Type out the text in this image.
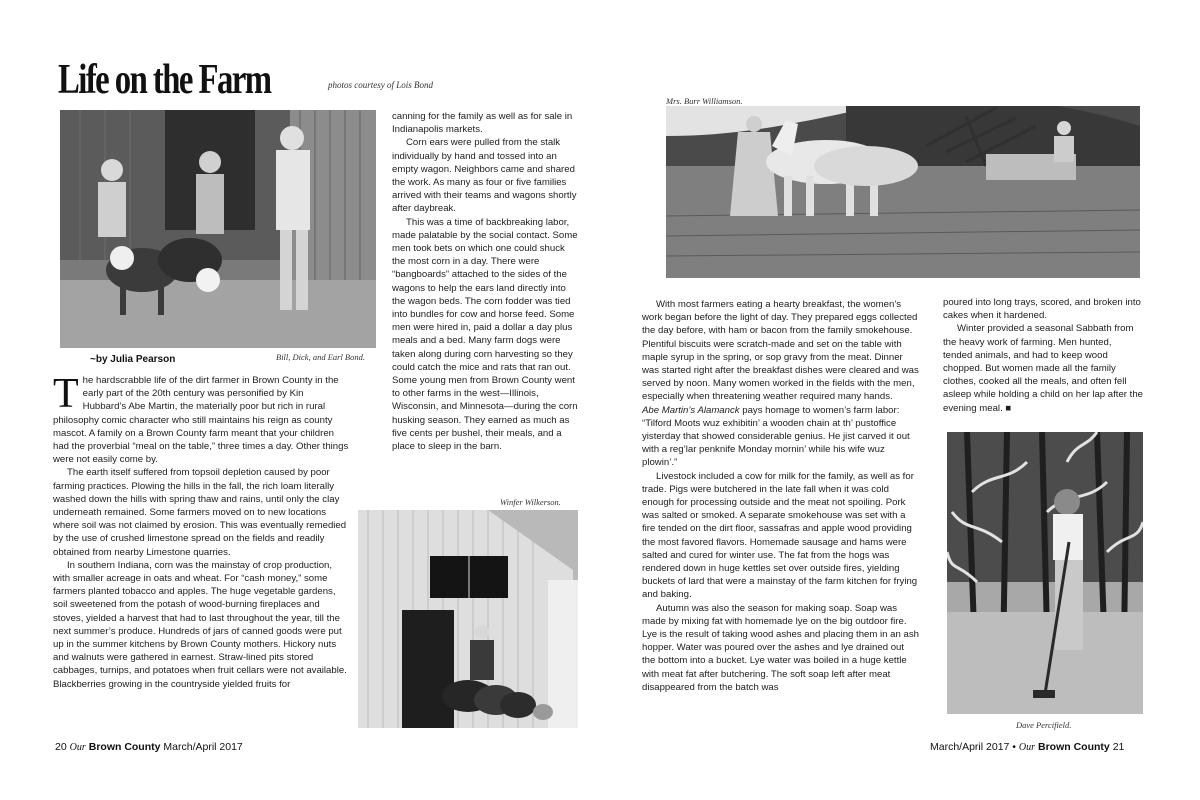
Life on the Farm	photos courtesy of Lois Bond
Bill, Dick, and Earl Bond.
~by Julia Pearson

The hardscrabble life of the dirt farmer in Brown County in the early part of the 20th century was personified by Kin Hubbard’s Abe Martin, the materially poor but rich in rural philosophy comic character who still maintains his reign as county mascot. A family on a Brown County farm meant that your children had the proverbial “meal on the table,” three times a day. Other things were not easily come by.

The earth itself suffered from topsoil depletion caused by poor farming practices. Plowing the hills in the fall, the rich loam literally washed down the hills with spring thaw and rains, until only the clay underneath remained. Some farmers moved on to new locations where soil was not claimed by erosion. This was eventually remedied by the use of crushed limestone spread on the fields and readily obtained from nearby Limestone quarries.

In southern Indiana, corn was the mainstay of crop production, with smaller acreage in oats and wheat. For “cash money,” some farmers planted tobacco and apples. The huge vegetable gardens, soil sweetened from the potash of wood-burning fireplaces and stoves, yielded a harvest that had to last throughout the year, till the next summer’s produce. Hundreds of jars of canned goods were put up in the summer kitchens by Brown County mothers. Hickory nuts and walnuts were gathered in earnest. Straw-lined pits stored cabbages, turnips, and potatoes when fruit cellars were not available. Blackberries growing in the countryside yielded fruits for

canning for the family as well as for sale in Indianapolis markets.

Corn ears were pulled from the stalk individually by hand and tossed into an empty wagon. Neighbors came and shared the work. As many as four or five families arrived with their teams and wagons shortly after daybreak.

This was a time of backbreaking labor, made palatable by the social contact. Some men took bets on which one could shuck the most corn in a day. There were “bangboards” attached to the sides of the wagons to help the ears land directly into the wagon beds. The corn fodder was tied into bundles for cow and horse feed. Some men were hired in, paid a dollar a day plus meals and a bed. Many farm dogs were taken along during corn harvesting so they could catch the mice and rats that ran out. Some young men from Brown County went to other farms in the west—Illinois, Wisconsin, and Minnesota—during the corn husking season. They earned as much as five cents per bushel, their meals, and a place to sleep in the barn.

Winfer Wilkerson.
Mrs. Burr Williamson.

With most farmers eating a hearty breakfast, the women’s work began before the light of day. They prepared eggs collected the day before, with ham or bacon from the family smokehouse. Plentiful biscuits were scratch-made and set on the table with maple syrup in the spring, or sop gravy from the meat. Dinner was started right after the breakfast dishes were cleared and was served by noon. Many women worked in the fields with the men, especially when threatening weather required many hands.

Abe Martin’s Alamanck pays homage to women’s farm labor: “Tilford Moots wuz exhibitin’ a wooden chain at th’ pustoffice yisterday that showed considerable genius. He jist carved it out with a reg’lar penknife Monday mornin’ while his wife wuz plowin’.”

Livestock included a cow for milk for the family, as well as for trade. Pigs were butchered in the late fall when it was cold enough for processing outside and the meat not spoiling. Pork was salted or smoked. A separate smokehouse was set with a fire tended on the dirt floor, sassafras and apple wood providing the most favored flavors. Homemade sausage and hams were salted and cured for winter use. The fat from the hogs was rendered down in huge kettles set over outside fires, yielding buckets of lard that were a mainstay of the farm kitchen for frying and baking.

Autumn was also the season for making soap. Soap was made by mixing fat with homemade lye on the big outdoor fire. Lye is the result of taking wood ashes and placing them in an ash hopper. Water was poured over the ashes and lye drained out the bottom into a bucket. Lye water was boiled in a huge kettle with meat fat after butchering. The soft soap left after meat disappeared from the batch was

poured into long trays, scored, and broken into cakes when it hardened.

Winter provided a seasonal Sabbath from the heavy work of farming. Men hunted, tended animals, and had to keep wood chopped. But women made all the family clothes, cooked all the meals, and often fell asleep while holding a child on her lap after the evening meal. ■

Dave Percifield.
20 Our Brown County March/April 2017	March/April 2017 • Our Brown County 21
